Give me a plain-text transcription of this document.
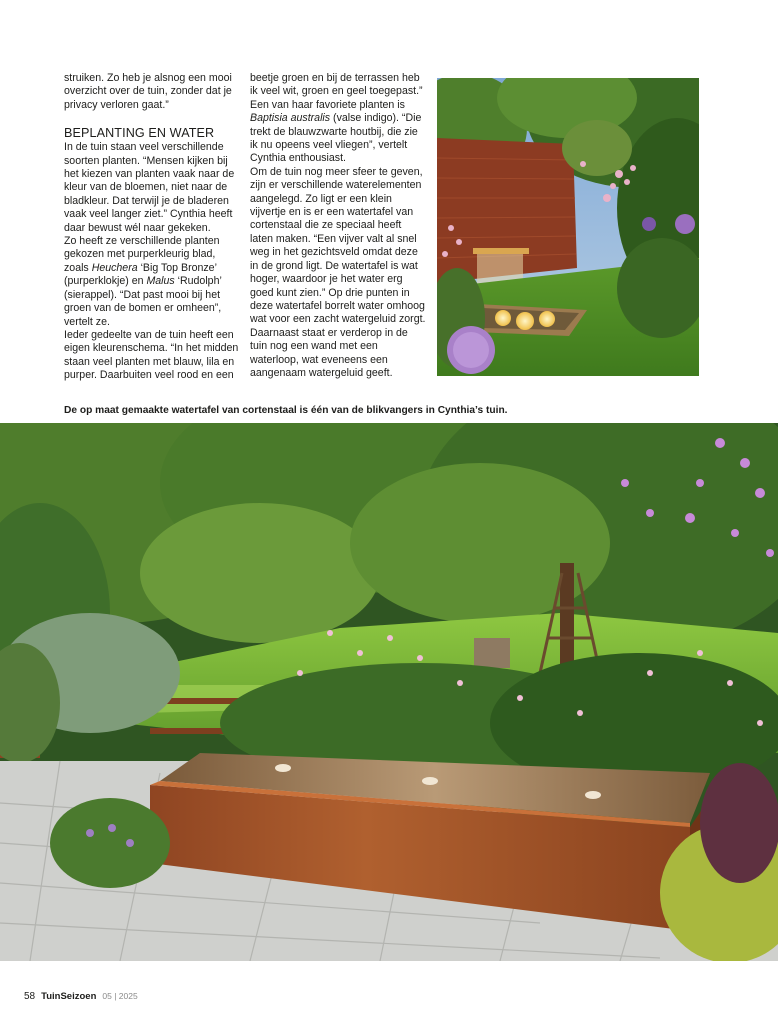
struiken. Zo heb je alsnog een mooi overzicht over de tuin, zonder dat je privacy verloren gaat.”

BEPLANTING EN WATER

In de tuin staan veel verschillende soorten planten. “Mensen kijken bij het kiezen van planten vaak naar de kleur van de bloemen, niet naar de bladkleur. Dat terwijl je de bladeren vaak veel langer ziet.” Cynthia heeft daar bewust wél naar gekeken.

Zo heeft ze verschillende planten gekozen met purperkleurig blad, zoals Heuchera ‘Big Top Bronze’ (purperklokje) en Malus ‘Rudolph’ (sierappel). “Dat past mooi bij het groen van de bomen er omheen”, vertelt ze.

Ieder gedeelte van de tuin heeft een eigen kleurenschema. “In het midden staan veel planten met blauw, lila en purper. Daarbuiten veel rood en een

beetje groen en bij de terrassen heb ik veel wit, groen en geel toegepast.” Een van haar favoriete planten is Baptisia australis (valse indigo). “Die trekt de blauwzwarte houtbij, die zie ik nu opeens veel vliegen”, vertelt Cynthia enthousiast.

Om de tuin nog meer sfeer te geven, zijn er verschillende waterelementen aangelegd. Zo ligt er een klein vijvertje en is er een watertafel van cortenstaal die ze speciaal heeft laten maken. “Een vijver valt al snel weg in het gezichtsveld omdat deze in de grond ligt. De watertafel is wat hoger, waardoor je het water erg goed kunt zien.” Op drie punten in deze watertafel borrelt water omhoog wat voor een zacht watergeluid zorgt. Daarnaast staat er verderop in de tuin nog een wand met een waterloop, wat eveneens een aangenaam watergeluid geeft.

De op maat gemaakte watertafel van cortenstaal is één van de blikvangers in Cynthia’s tuin.
58 TuinSeizoen 05 | 2025
